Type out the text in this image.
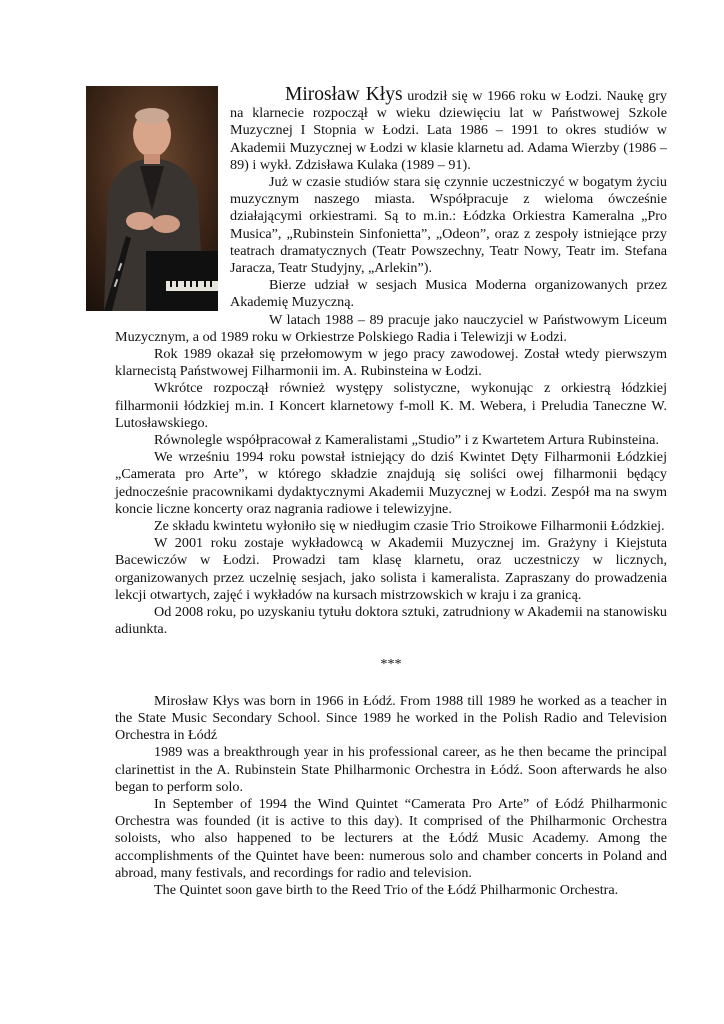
Mirosław Kłys urodził się w 1966 roku w Łodzi. Naukę gry na klarnecie rozpoczął w wieku dziewięciu lat w Państwowej Szkole Muzycznej I Stopnia w Łodzi. Lata 1986 – 1991 to okres studiów w Akademii Muzycznej w Łodzi w klasie klarnetu ad. Adama Wierzby (1986 – 89) i wykł. Zdzisława Kulaka (1989 – 91).

Już w czasie studiów stara się czynnie uczestniczyć w bogatym życiu muzycznym naszego miasta. Współpracuje z wieloma ówcześnie działającymi orkiestrami. Są to m.in.: Łódzka Orkiestra Kameralna „Pro Musica”, „Rubinstein Sinfonietta”, „Odeon”, oraz z zespoły istniejące przy teatrach dramatycznych (Teatr Powszechny, Teatr Nowy, Teatr im. Stefana Jaracza, Teatr Studyjny, „Arlekin”).

Bierze udział w sesjach Musica Moderna organizowanych przez Akademię Muzyczną.

W latach 1988 – 89 pracuje jako nauczyciel w Państwowym Liceum Muzycznym, a od 1989 roku w Orkiestrze Polskiego Radia i Telewizji w Łodzi.

Rok 1989 okazał się przełomowym w jego pracy zawodowej. Został wtedy pierwszym klarnecistą Państwowej Filharmonii im. A. Rubinsteina w Łodzi.

Wkrótce rozpoczął również występy solistyczne, wykonując z orkiestrą łódzkiej filharmonii łódzkiej m.in. I Koncert klarnetowy f-moll K. M. Webera, i Preludia Taneczne W. Lutosławskiego.

Równolegle współpracował z Kameralistami „Studio” i z Kwartetem Artura Rubinsteina.

We wrześniu 1994 roku powstał istniejący do dziś Kwintet Dęty Filharmonii Łódzkiej „Camerata pro Arte”, w którego składzie znajdują się soliści owej filharmonii będący jednocześnie pracownikami dydaktycznymi Akademii Muzycznej w Łodzi. Zespół ma na swym koncie liczne koncerty oraz nagrania radiowe i telewizyjne.

Ze składu kwintetu wyłoniło się w niedługim czasie Trio Stroikowe Filharmonii Łódzkiej.

W 2001 roku zostaje wykładowcą w Akademii Muzycznej im. Grażyny i Kiejstuta Bacewiczów w Łodzi. Prowadzi tam klasę klarnetu, oraz uczestniczy w licznych, organizowanych przez uczelnię sesjach, jako solista i kameralista. Zapraszany do prowadzenia lekcji otwartych, zajęć i wykładów na kursach mistrzowskich w kraju i za granicą.

Od 2008 roku, po uzyskaniu tytułu doktora sztuki, zatrudniony w Akademii na stanowisku adiunkta.

***

Mirosław Kłys was born in 1966 in Łódź. From 1988 till 1989 he worked as a teacher in the State Music Secondary School. Since 1989 he worked in the Polish Radio and Television Orchestra in Łódź

1989 was a breakthrough year in his professional career, as he then became the principal clarinettist in the A. Rubinstein State Philharmonic Orchestra in Łódź. Soon afterwards he also began to perform solo.

In September of 1994 the Wind Quintet “Camerata Pro Arte” of Łódź Philharmonic Orchestra was founded (it is active to this day). It comprised of the Philharmonic Orchestra soloists, who also happened to be lecturers at the Łódź Music Academy. Among the accomplishments of the Quintet have been: numerous solo and chamber concerts in Poland and abroad, many festivals, and recordings for radio and television.

The Quintet soon gave birth to the Reed Trio of the Łódź Philharmonic Orchestra.
